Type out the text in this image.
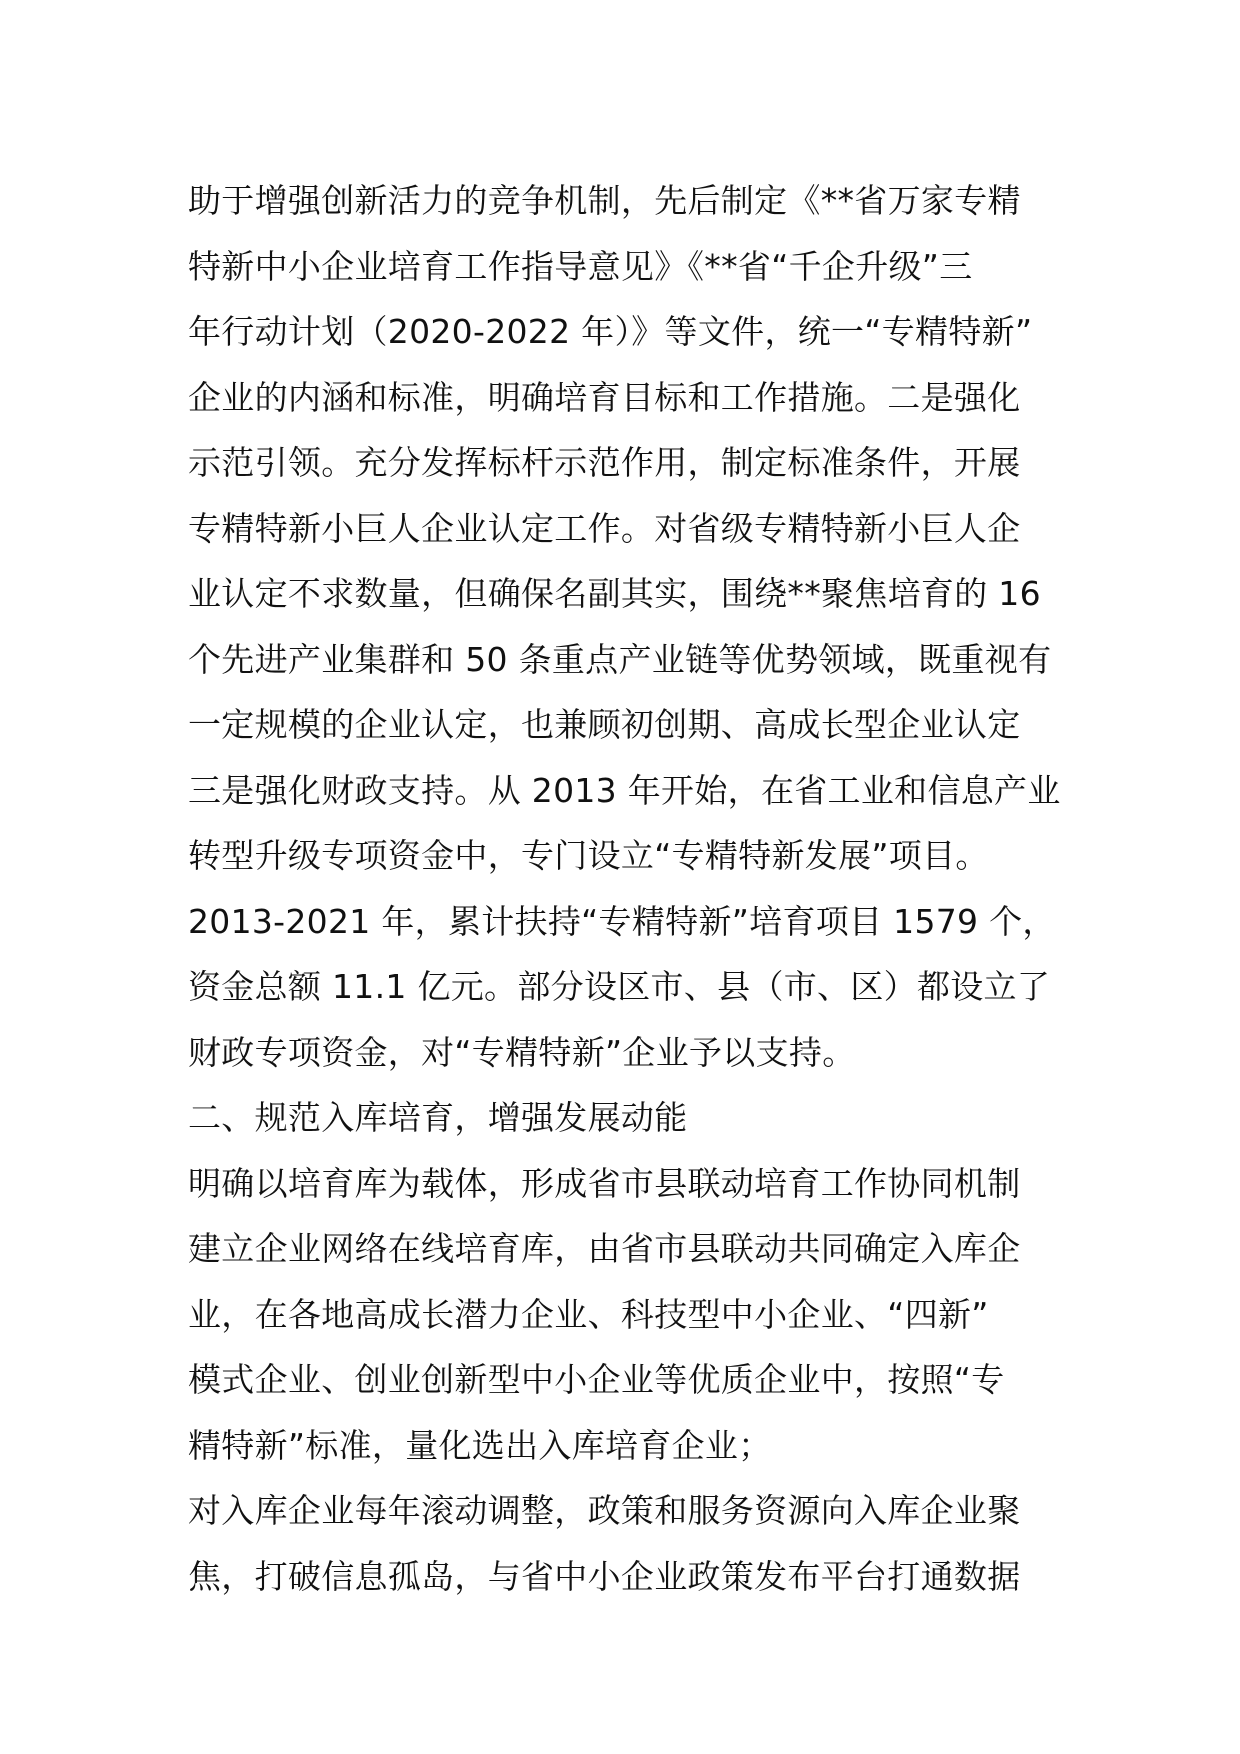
助于增强创新活力的竞争机制，先后制定《**省万家专精
特新中小企业培育工作指导意见》《**省“千企升级”三
年行动计划（2020-2022 年）》等文件，统一“专精特新”
企业的内涵和标准，明确培育目标和工作措施。二是强化
示范引领。充分发挥标杆示范作用，制定标准条件，开展
专精特新小巨人企业认定工作。对省级专精特新小巨人企
业认定不求数量，但确保名副其实，围绕**聚焦培育的 16
个先进产业集群和 50 条重点产业链等优势领域，既重视有
一定规模的企业认定，也兼顾初创期、高成长型企业认定
三是强化财政支持。从 2013 年开始，在省工业和信息产业
转型升级专项资金中，专门设立“专精特新发展”项目。
2013-2021 年，累计扶持“专精特新”培育项目 1579 个，
资金总额 11.1 亿元。部分设区市、县（市、区）都设立了
财政专项资金，对“专精特新”企业予以支持。
二、规范入库培育，增强发展动能
明确以培育库为载体，形成省市县联动培育工作协同机制
建立企业网络在线培育库，由省市县联动共同确定入库企
业，在各地高成长潜力企业、科技型中小企业、“四新”
模式企业、创业创新型中小企业等优质企业中，按照“专
精特新”标准，量化选出入库培育企业；
对入库企业每年滚动调整，政策和服务资源向入库企业聚
焦，打破信息孤岛，与省中小企业政策发布平台打通数据
